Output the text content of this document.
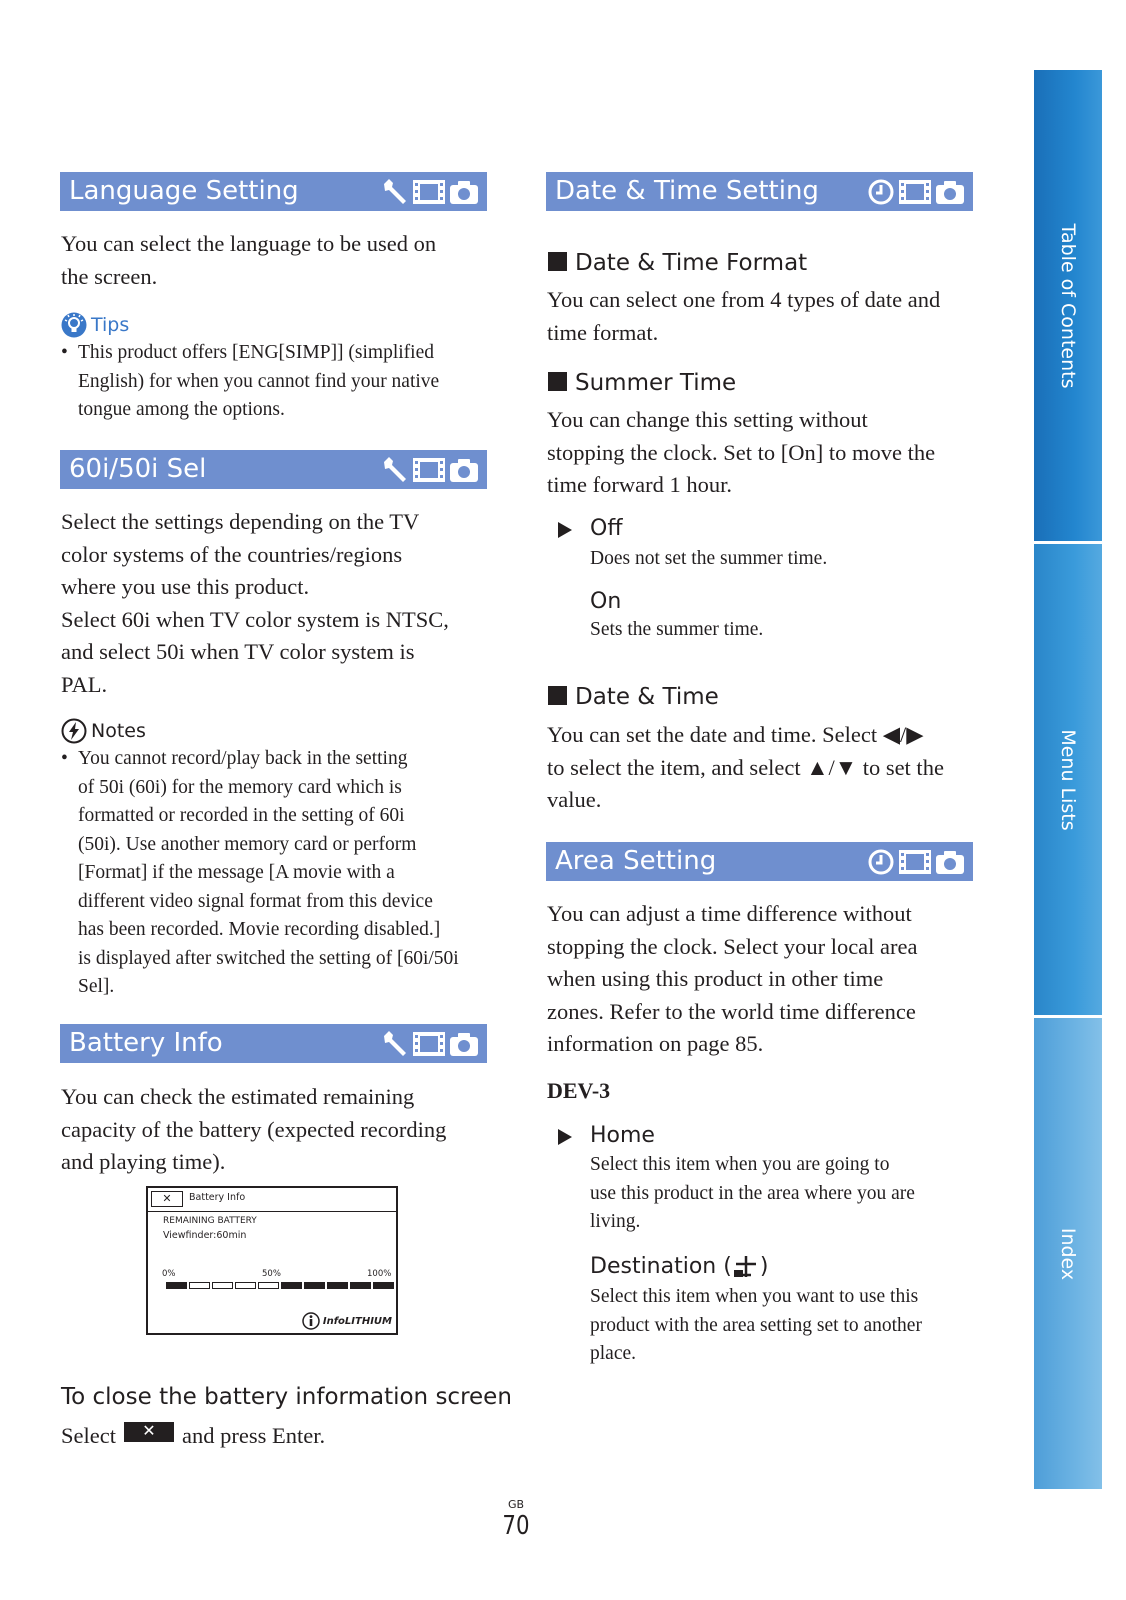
Language Setting
You can select the language to be used on
the screen.
Tips
• This product offers [ENG[SIMP]] (simplified
English) for when you cannot find your native
tongue among the options.
60i/50i Sel
Select the settings depending on the TV
color systems of the countries/regions
where you use this product.
Select 60i when TV color system is NTSC,
and select 50i when TV color system is
PAL.
Notes
• You cannot record/play back in the setting
of 50i (60i) for the memory card which is
formatted or recorded in the setting of 60i
(50i). Use another memory card or perform
[Format] if the message [A movie with a
different video signal format from this device
has been recorded. Movie recording disabled.]
is displayed after switched the setting of [60i/50i
Sel].
Battery Info
You can check the estimated remaining
capacity of the battery (expected recording
and playing time).
✕	Battery Info
REMAINING BATTERY
Viewfinder:60min
0%	50%	100%
InfoLITHIUM
To close the battery information screen
Select	✕	and press Enter.
Date & Time Setting
Date & Time Format
You can select one from 4 types of date and
time format.
Summer Time
You can change this setting without
stopping the clock. Set to [On] to move the
time forward 1 hour.
Off
Does not set the summer time.
On
Sets the summer time.
Date & Time
You can set the date and time. Select ◀/▶
to select the item, and select ▲/▼ to set the
value.
Area Setting
You can adjust a time difference without
stopping the clock. Select your local area
when using this product in other time
zones. Refer to the world time difference
information on page 85.
DEV-3
Home
Select this item when you are going to
use this product in the area where you are
living.
Destination ( )
Select this item when you want to use this
product with the area setting set to another
place.
Table of Contents
Menu Lists
Index
GB
70
